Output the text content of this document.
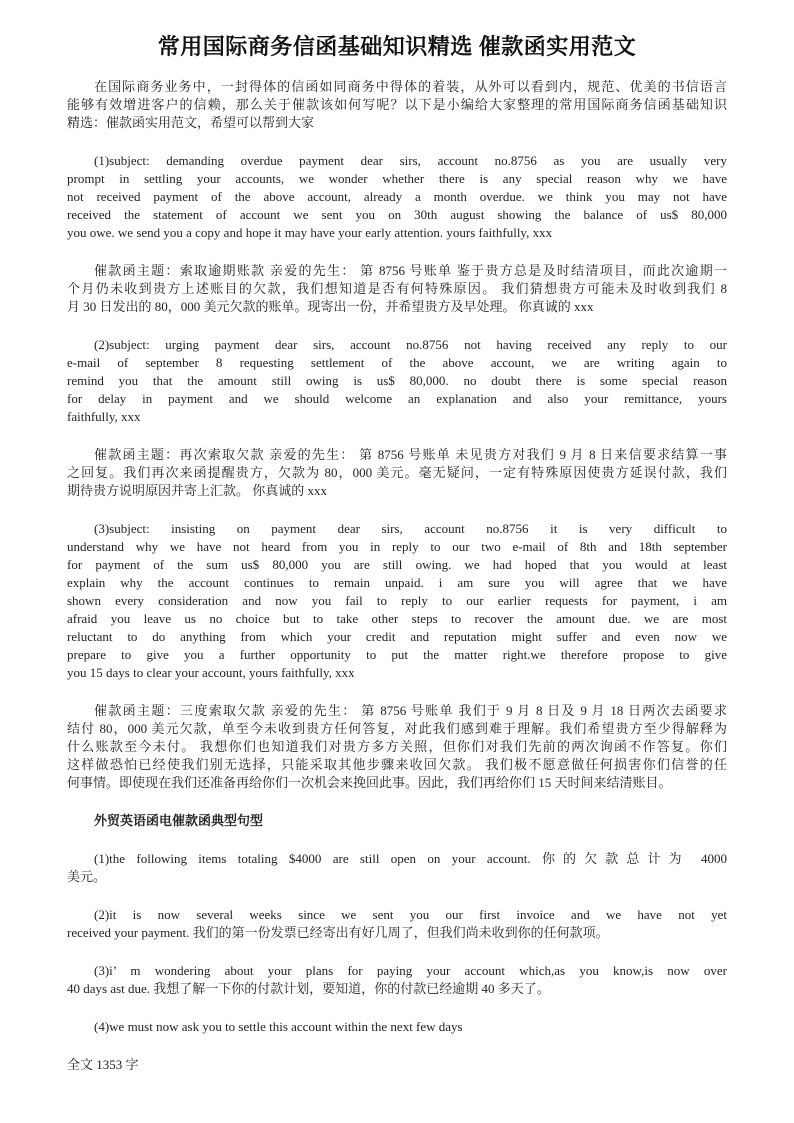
常用国际商务信函基础知识精选 催款函实用范文
在国际商务业务中，一封得体的信函如同商务中得体的着装，从外可以看到内，规范、优美的书信语言
能够有效增进客户的信赖，那么关于催款该如何写呢？以下是小编给大家整理的常用国际商务信函基础知识
精选：催款函实用范文，希望可以帮到大家
(1)subject: demanding overdue payment dear sirs, account no.8756 as you are usually very
prompt in settling your accounts, we wonder whether there is any special reason why we have
not received payment of the above account, already a month overdue. we think you may not have
received the statement of account we sent you on 30th august showing the balance of us$ 80,000
you owe. we send you a copy and hope it may have your early attention. yours faithfully, xxx
催款函主题：索取逾期账款 亲爱的先生： 第 8756 号账单 鉴于贵方总是及时结清项目，而此次逾期一
个月仍未收到贵方上述账目的欠款，我们想知道是否有何特殊原因。 我们猜想贵方可能未及时收到我们 8
月 30 日发出的 80，000 美元欠款的账单。现寄出一份，并希望贵方及早处理。 你真诚的 xxx
(2)subject: urging payment dear sirs, account no.8756 not having received any reply to our
e-mail of september 8 requesting settlement of the above account, we are writing again to
remind you that the amount still owing is us$ 80,000. no doubt there is some special reason
for delay in payment and we should welcome an explanation and also your remittance, yours
faithfully, xxx
催款函主题：再次索取欠款 亲爱的先生： 第 8756 号账单 未见贵方对我们 9 月 8 日来信要求结算一事
之回复。我们再次来函提醒贵方，欠款为 80，000 美元。毫无疑问，一定有特殊原因使贵方延误付款，我们
期待贵方说明原因并寄上汇款。 你真诚的 xxx
(3)subject: insisting on payment dear sirs, account no.8756 it is very difficult to
understand why we have not heard from you in reply to our two e-mail of 8th and 18th september
for payment of the sum us$ 80,000 you are still owing. we had hoped that you would at least
explain why the account continues to remain unpaid. i am sure you will agree that we have
shown every consideration and now you fail to reply to our earlier requests for payment, i am
afraid you leave us no choice but to take other steps to recover the amount due. we are most
reluctant to do anything from which your credit and reputation might suffer and even now we
prepare to give you a further opportunity to put the matter right.we therefore propose to give
you 15 days to clear your account, yours faithfully, xxx
催款函主题：三度索取欠款 亲爱的先生： 第 8756 号账单 我们于 9 月 8 日及 9 月 18 日两次去函要求
结付 80，000 美元欠款，单至今未收到贵方任何答复，对此我们感到难于理解。我们希望贵方至少得解释为
什么账款至今未付。 我想你们也知道我们对贵方多方关照，但你们对我们先前的两次询函不作答复。你们
这样做恐怕已经使我们别无选择，只能采取其他步骤来收回欠款。 我们极不愿意做任何损害你们信誉的任
何事情。即使现在我们还准备再给你们一次机会来挽回此事。因此，我们再给你们 15 天时间来结清账目。
外贸英语函电催款函典型句型
(1)the following items totaling $4000 are still open on your account. 你的欠款总计为 4000
美元。
(2)it is now several weeks since we sent you our first invoice and we have not yet
received your payment. 我们的第一份发票已经寄出有好几周了，但我们尚未收到你的任何款项。
(3)i’ m wondering about your plans for paying your account which,as you know,is now over
40 days ast due. 我想了解一下你的付款计划，要知道，你的付款已经逾期 40 多天了。
(4)we must now ask you to settle this account within the next few days
全文 1353 字
